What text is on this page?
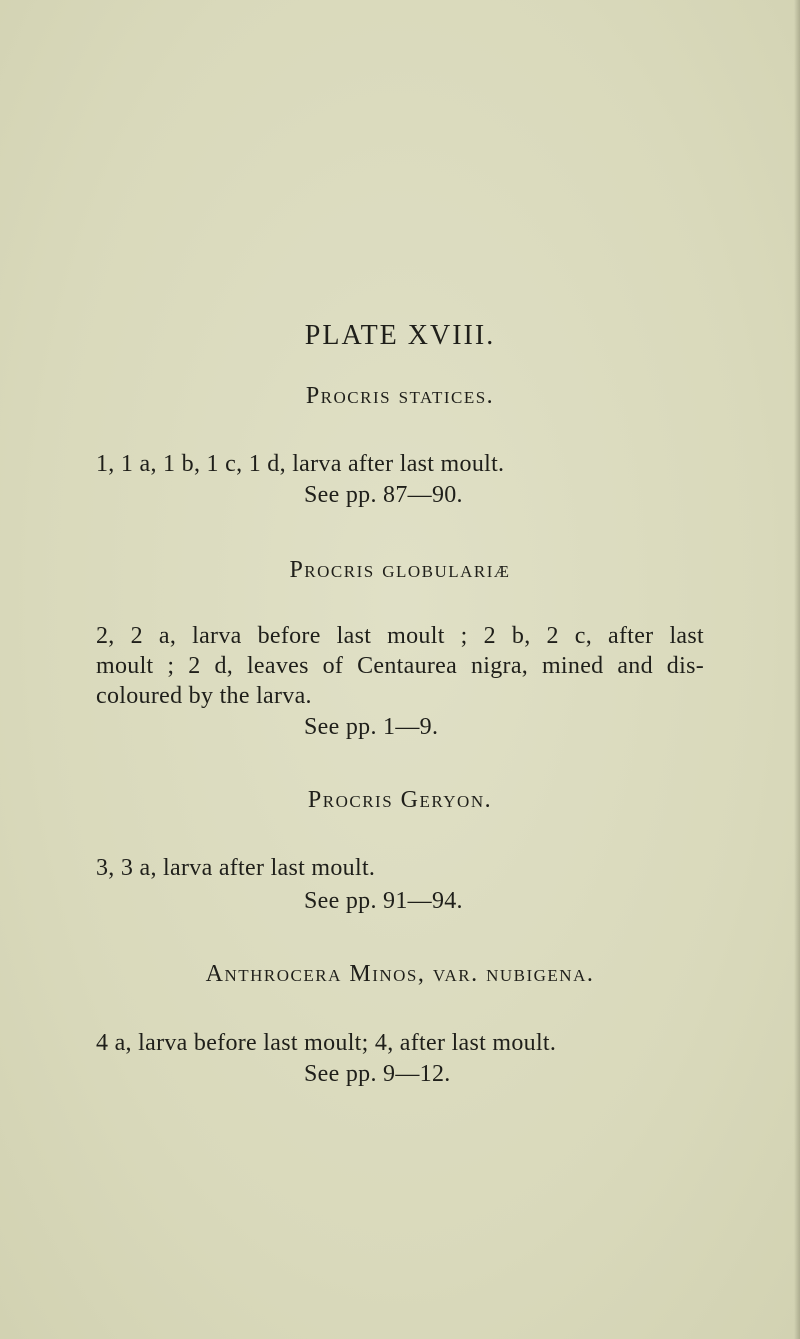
PLATE XVIII.
Procris statices.
1, 1 a, 1 b, 1 c, 1 d, larva after last moult.
See pp. 87—90.
Procris globulariæ
2, 2 a, larva before last moult ; 2 b, 2 c, after last
moult ; 2 d, leaves of Centaurea nigra, mined and dis-
coloured by the larva.
See pp. 1—9.
Procris Geryon.
3, 3 a, larva after last moult.
See pp. 91—94.
Anthrocera Minos, var. nubigena.
4 a, larva before last moult; 4, after last moult.
See pp. 9—12.
